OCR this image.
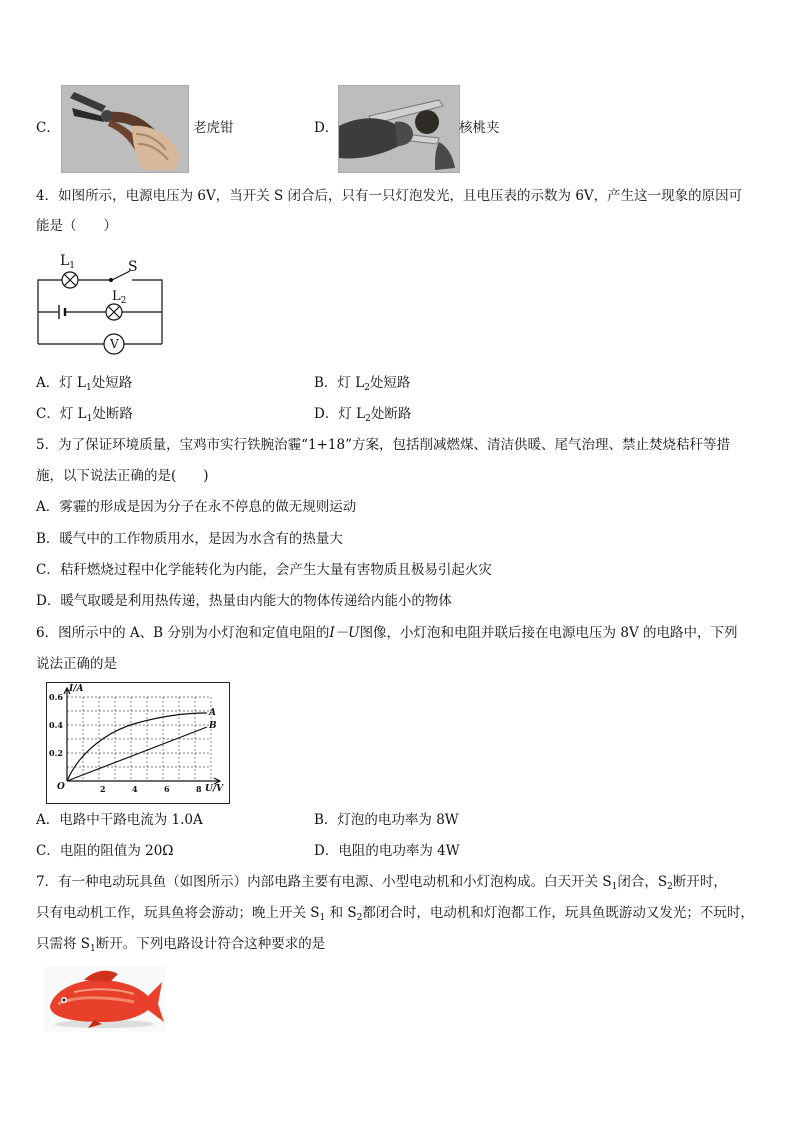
C．	老虎钳	D．	核桃夹
4．如图所示，电源电压为 6V，当开关 S 闭合后，只有一只灯泡发光，且电压表的示数为 6V，产生这一现象的原因可
能是（　　）
$L_1$	S
$L_2$
V
A．灯 $L_1$处短路	B．灯 $L_2$处短路
C．灯 $L_1$处断路	D．灯 $L_2$处断路
5．为了保证环境质量，宝鸡市实行铁腕治霾“1+18”方案，包括削减燃煤、清洁供暖、尾气治理、禁止焚烧秸秆等措
施，以下说法正确的是(　　)
A．雾霾的形成是因为分子在永不停息的做无规则运动
B．暖气中的工作物质用水，是因为水含有的热量大
C．秸秆燃烧过程中化学能转化为内能，会产生大量有害物质且极易引起火灾
D．暖气取暖是利用热传递，热量由内能大的物体传递给内能小的物体
6．图所示中的 A、B 分别为小灯泡和定值电阻的I－U图像，小灯泡和电阻并联后接在电源电压为 8V 的电路中，下列
说法正确的是
I/A
U/V
O
0.2
0.4
0.6
2	4	6	8
A
B
A．电路中干路电流为 1.0A	B．灯泡的电功率为 8W
C．电阻的阻值为 20Ω	D．电阻的电功率为 4W
7．有一种电动玩具鱼（如图所示）内部电路主要有电源、小型电动机和小灯泡构成。白天开关 $S_1$闭合，$S_2$断开时，
只有电动机工作，玩具鱼将会游动；晚上开关 $S_1$ 和 $S_2$都闭合时，电动机和灯泡都工作，玩具鱼既游动又发光；不玩时，
只需将 $S_1$断开。下列电路设计符合这种要求的是
